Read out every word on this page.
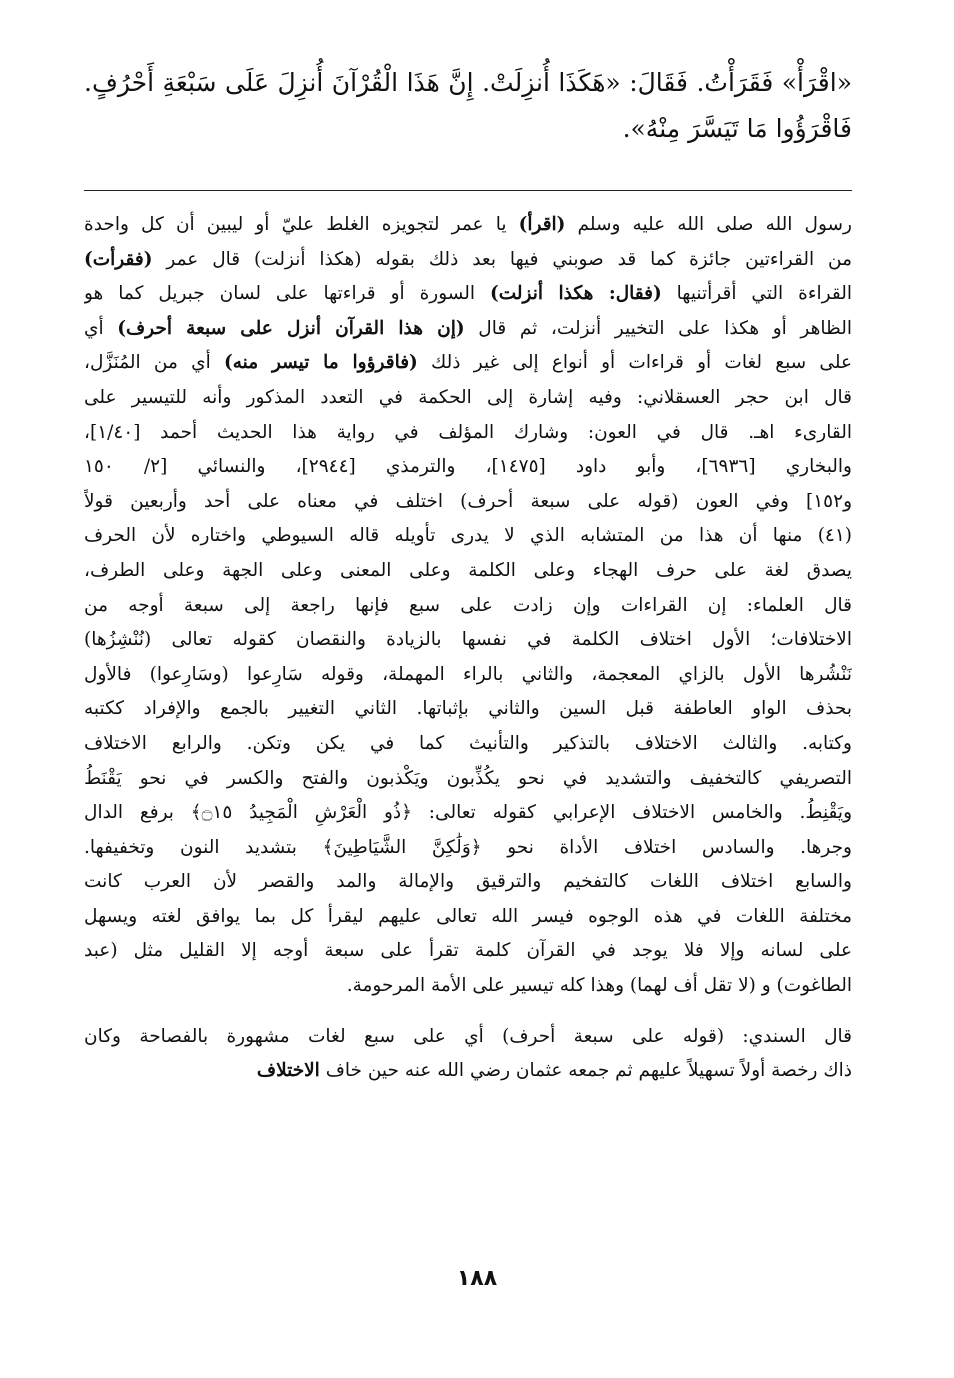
«اقْرَأْ» فَقَرَأْتُ. فَقَالَ: «هَكَذَا أُنزِلَتْ. إِنَّ هَذَا الْقُرْآنَ أُنزِلَ عَلَى سَبْعَةِ أَحْرُفٍ.
فَاقْرَؤُوا مَا تَيَسَّرَ مِنْهُ».

رسول الله صلى الله عليه وسلم (اقرأ) يا عمر لتجويزه الغلط عليّ أو ليبين أن كل واحدة
من القراءتين جائزة كما قد صوبني فيها بعد ذلك بقوله (هكذا أنزلت) قال عمر (فقرأت)
القراءة التي أقرأتنيها (فقال: هكذا أنزلت) السورة أو قراءتها على لسان جبريل كما هو
الظاهر أو هكذا على التخيير أنزلت، ثم قال (إن هذا القرآن أنزل على سبعة أحرف) أي
على سبع لغات أو قراءات أو أنواع إلى غير ذلك (فاقرؤوا ما تيسر منه) أي من المُنَزَّل،
قال ابن حجر العسقلاني: وفيه إشارة إلى الحكمة في التعدد المذكور وأنه للتيسير على
القارىء اهـ. قال في العون: وشارك المؤلف في رواية هذا الحديث أحمد [١/٤٠]،
والبخاري [٦٩٣٦]، وأبو داود [١٤٧٥]، والترمذي [٢٩٤٤]، والنسائي [٢/ ١٥٠
و١٥٢] وفي العون (قوله على سبعة أحرف) اختلف في معناه على أحد وأربعين قولاً
(٤١) منها أن هذا من المتشابه الذي لا يدرى تأويله قاله السيوطي واختاره لأن الحرف
يصدق لغة على حرف الهجاء وعلى الكلمة وعلى المعنى وعلى الجهة وعلى الطرف،
قال العلماء: إن القراءات وإن زادت على سبع فإنها راجعة إلى سبعة أوجه من
الاختلافات؛ الأول اختلاف الكلمة في نفسها بالزيادة والنقصان كقوله تعالى (نُنْشِزُها)
نَنْشُرها الأول بالزاي المعجمة، والثاني بالراء المهملة، وقوله سَارِعوا (وسَارِعوا) فالأول
بحذف الواو العاطفة قبل السين والثاني بإثباتها. الثاني التغيير بالجمع والإفراد ككتبه
وكتابه. والثالث الاختلاف بالتذكير والتأنيث كما في يكن وتكن. والرابع الاختلاف
التصريفي كالتخفيف والتشديد في نحو يكُذِّبون ويَكْذبون والفتح والكسر في نحو يَقْنَطُ
ويَقْنِطُ. والخامس الاختلاف الإعرابي كقوله تعالى: ﴿ذُو الْعَرْشِ الْمَجِيدُ ۝١٥﴾ برفع الدال
وجرها. والسادس اختلاف الأداة نحو ﴿وَلَٰكِنَّ الشَّيَاطِينَ﴾ بتشديد النون وتخفيفها.
والسابع اختلاف اللغات كالتفخيم والترقيق والإمالة والمد والقصر لأن العرب كانت
مختلفة اللغات في هذه الوجوه فيسر الله تعالى عليهم ليقرأ كل بما يوافق لغته ويسهل
على لسانه وإلا فلا يوجد في القرآن كلمة تقرأ على سبعة أوجه إلا القليل مثل (عبد
الطاغوت) و (لا تقل أف لهما) وهذا كله تيسير على الأمة المرحومة.

قال السندي: (قوله على سبعة أحرف) أي على سبع لغات مشهورة بالفصاحة وكان
ذاك رخصة أولاً تسهيلاً عليهم ثم جمعه عثمان رضي الله عنه حين خاف الاختلاف

١٨٨
